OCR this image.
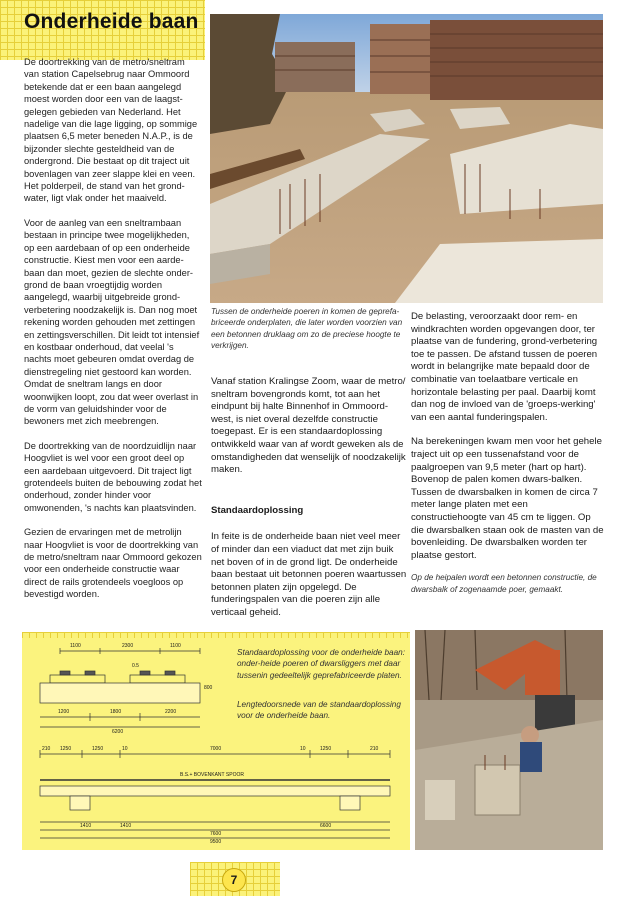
Onderheide baan

De doortrekking van de metro/sneltram van station Capelsebrug naar Ommoord betekende dat er een baan aangelegd moest worden door een van de laagst-gelegen gebieden van Nederland. Het nadelige van die lage ligging, op sommige plaatsen 6,5 meter beneden N.A.P., is de bijzonder slechte gesteldheid van de ondergrond. Die bestaat op dit traject uit bovenlagen van zeer slappe klei en veen. Het polderpeil, de stand van het grond-water, ligt vlak onder het maaiveld.

Voor de aanleg van een sneltrambaan bestaan in principe twee mogelijkheden, op een aardebaan of op een onderheide constructie. Kiest men voor een aarde-baan dan moet, gezien de slechte onder-grond de baan vroegtijdig worden aangelegd, waarbij uitgebreide grond-verbetering noodzakelijk is. Dan nog moet rekening worden gehouden met zettingen en zettingsverschillen. Dit leidt tot intensief en kostbaar onderhoud, dat veelal 's nachts moet gebeuren omdat overdag de dienstregeling niet gestoord kan worden. Omdat de sneltram langs en door woonwijken loopt, zou dat weer overlast in de vorm van geluidshinder voor de bewoners met zich meebrengen.

De doortrekking van de noordzuidlijn naar Hoogvliet is wel voor een groot deel op een aardebaan uitgevoerd. Dit traject ligt grotendeels buiten de bebouwing zodat het onderhoud, zonder hinder voor omwonenden, 's nachts kan plaatsvinden.

Gezien de ervaringen met de metrolijn naar Hoogvliet is voor de doortrekking van de metro/sneltram naar Ommoord gekozen voor een onderheide constructie waar direct de rails grotendeels voegloos op bevestigd worden.

Tussen de onderheide poeren in komen de geprefa-briceerde onderplaten, die later worden voorzien van een betonnen druklaag om zo de preciese hoogte te verkrijgen.

Vanaf station Kralingse Zoom, waar de metro/ sneltram bovengronds komt, tot aan het eindpunt bij halte Binnenhof in Ommoord-west, is niet overal dezelfde constructie toegepast. Er is een standaardoplossing ontwikkeld waar van af wordt geweken als de omstandigheden dat wenselijk of noodzakelijk maken.

Standaardoplossing

In feite is de onderheide baan niet veel meer of minder dan een viaduct dat met zijn buik net boven of in de grond ligt. De onderheide baan bestaat uit betonnen poeren waartussen betonnen platen zijn opgelegd. De funderingspalen van die poeren zijn alle verticaal geheid.

De belasting, veroorzaakt door rem- en windkrachten worden opgevangen door, ter plaatse van de fundering, grond-verbetering toe te passen. De afstand tussen de poeren wordt in belangrijke mate bepaald door de combinatie van toelaatbare verticale en horizontale belasting per paal. Daarbij komt dan nog de invloed van de 'groeps-werking' van een aantal funderingspalen.

Na berekeningen kwam men voor het gehele traject uit op een tussenafstand voor de paalgroepen van 9,5 meter (hart op hart). Bovenop de palen komen dwars-balken. Tussen de dwarsbalken in komen de circa 7 meter lange platen met een constructiehoogte van 45 cm te liggen. Op die dwarsbalken staan ook de masten van de bovenleiding. De dwarsbalken worden ter plaatse gestort.

Op de heipalen wordt een betonnen constructie, de dwarsbalk of zogenaamde poer, gemaakt.

1100	2300	1100
1200	1800	2200
6200
800
0.5
Standaardoplossing voor de onderheide baan: onder-heide poeren of dwarsliggers met daar tussenin gedeeltelijk geprefabriceerde platen.
Lengtedoorsnede van de standaardoplossing voor de onderheide baan.
210 1250	1250	10	7000	10	1250	210
B.S.+ BOVENKANT SPOOR
1410	1410	6600
7600
9500
7
